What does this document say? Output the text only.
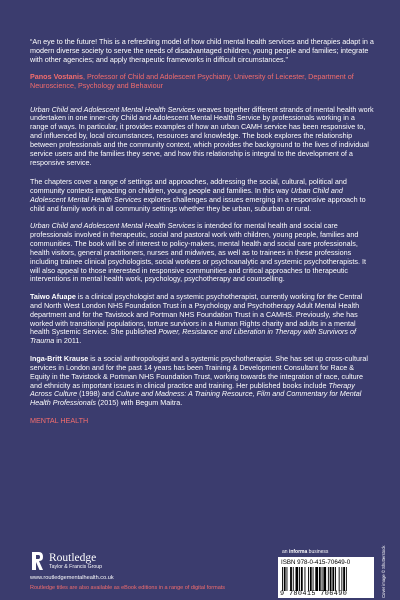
“An eye to the future! This is a refreshing model of how child mental health services and therapies adapt in a modern diverse society to serve the needs of disadvantaged children, young people and families; integrate with other agencies; and apply therapeutic frameworks in difficult circumstances.”

Panos Vostanis, Professor of Child and Adolescent Psychiatry, University of Leicester, Department of Neuroscience, Psychology and Behaviour

Urban Child and Adolescent Mental Health Services weaves together different strands of mental health work undertaken in one inner-city Child and Adolescent Mental Health Service by professionals working in a range of ways. In particular, it provides examples of how an urban CAMH service has been responsive to, and influenced by, local circumstances, resources and knowledge. The book explores the relationship between professionals and the community context, which provides the background to the lives of individual service users and the families they serve, and how this relationship is integral to the development of a responsive service.

The chapters cover a range of settings and approaches, addressing the social, cultural, political and community contexts impacting on children, young people and families. In this way Urban Child and Adolescent Mental Health Services explores challenges and issues emerging in a responsive approach to child and family work in all community settings whether they be urban, suburban or rural.

Urban Child and Adolescent Mental Health Services is intended for mental health and social care professionals involved in therapeutic, social and pastoral work with children, young people, families and communities. The book will be of interest to policy-makers, mental health and social care professionals, health visitors, general practitioners, nurses and midwives, as well as to trainees in these professions including trainee clinical psychologists, social workers or psychoanalytic and systemic psychotherapists. It will also appeal to those interested in responsive communities and critical approaches to therapeutic interventions in mental health work, psychology, psychotherapy and counselling.

Taiwo Afuape is a clinical psychologist and a systemic psychotherapist, currently working for the Central and North West London NHS Foundation Trust in a Psychology and Psychotherapy Adult Mental Health department and for the Tavistock and Portman NHS Foundation Trust in a CAMHS. Previously, she has worked with transitional populations, torture survivors in a Human Rights charity and adults in a mental health Systemic Service. She published Power, Resistance and Liberation in Therapy with Survivors of Trauma in 2011.

Inga-Britt Krause is a social anthropologist and a systemic psychotherapist. She has set up cross-cultural services in London and for the past 14 years has been Training & Development Consultant for Race & Equity in the Tavistock & Portman NHS Foundation Trust, working towards the integration of race, culture and ethnicity as important issues in clinical practice and training. Her published books include Therapy Across Culture (1998) and Culture and Madness: A Training Resource, Film and Commentary for Mental Health Professionals (2015) with Begum Maitra.

MENTAL HEALTH

Routledge
Taylor & Francis Group
www.routledgementalhealth.co.uk
Routledge titles are also available as eBook editions in a range of digital formats
an informa business
ISBN 978-0-415-70649-0
9 780415 706490	Cover image © Shutterstock
